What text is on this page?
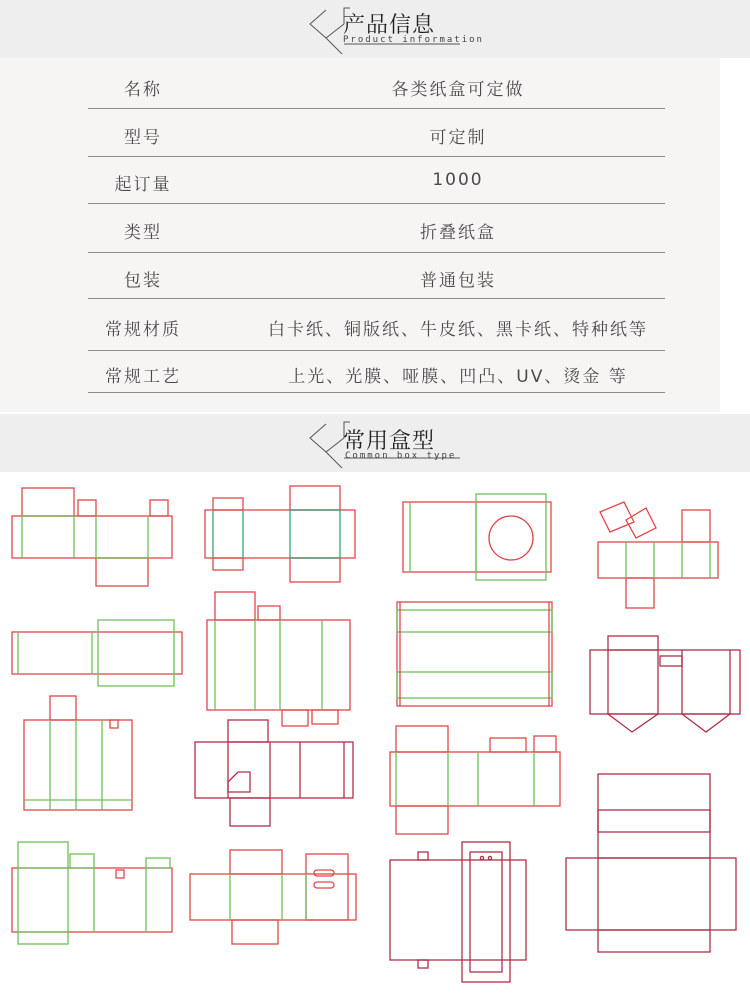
产品信息
Product information
名称	各类纸盒可定做
型号	可定制
起订量	1000
类型	折叠纸盒
包装	普通包装
常规材质	白卡纸、铜版纸、牛皮纸、黑卡纸、特种纸等
常规工艺	上光、光膜、哑膜、凹凸、UV、烫金 等
常用盒型
Common box type
